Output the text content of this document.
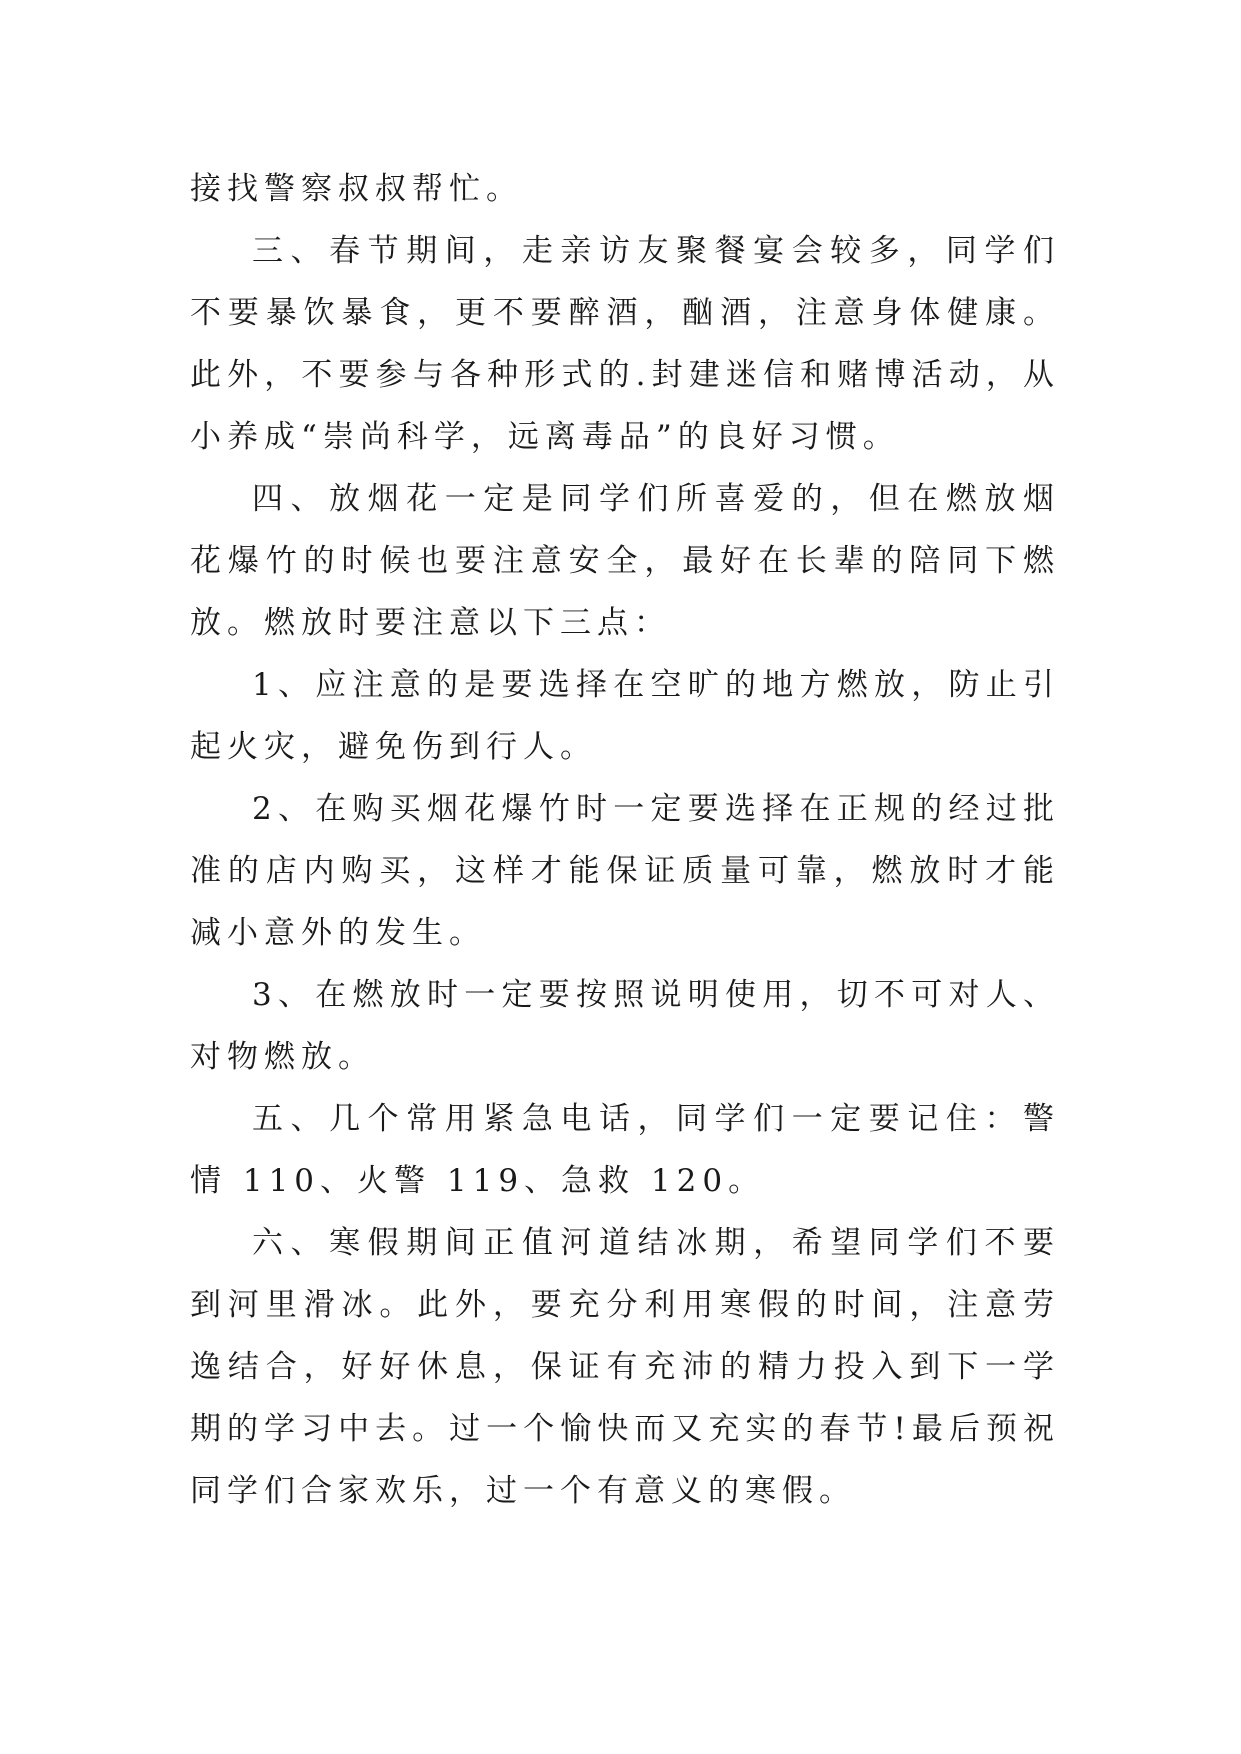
接找警察叔叔帮忙。

三、春节期间，走亲访友聚餐宴会较多，同学们不要暴饮暴食，更不要醉酒，酗酒，注意身体健康。此外，不要参与各种形式的.封建迷信和赌博活动，从小养成“崇尚科学，远离毒品”的良好习惯。

四、放烟花一定是同学们所喜爱的，但在燃放烟花爆竹的时候也要注意安全，最好在长辈的陪同下燃放。燃放时要注意以下三点：

1、应注意的是要选择在空旷的地方燃放，防止引起火灾，避免伤到行人。

2、在购买烟花爆竹时一定要选择在正规的经过批准的店内购买，这样才能保证质量可靠，燃放时才能减小意外的发生。

3、在燃放时一定要按照说明使用，切不可对人、对物燃放。

五、几个常用紧急电话，同学们一定要记住：警情 110、火警 119、急救 120。

六、寒假期间正值河道结冰期，希望同学们不要到河里滑冰。此外，要充分利用寒假的时间，注意劳逸结合，好好休息，保证有充沛的精力投入到下一学期的学习中去。过一个愉快而又充实的春节!最后预祝同学们合家欢乐，过一个有意义的寒假。
